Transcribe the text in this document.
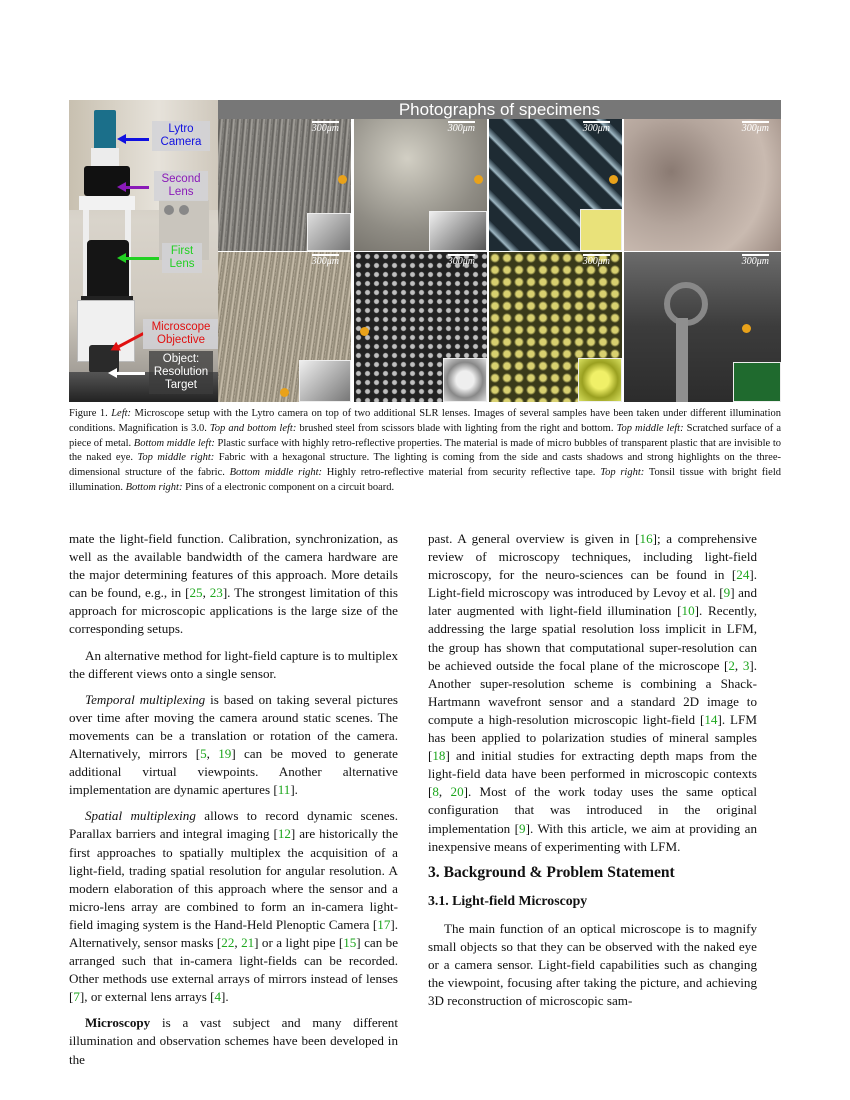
Lytro Camera
Second Lens
First Lens
Microscope Objective
Object: Resolution Target
Photographs of specimens
300μm	300μm	300μm	300μm
300μm	300μm	300μm	300μm
Figure 1. Left: Microscope setup with the Lytro camera on top of two additional SLR lenses. Images of several samples have been taken under different illumination conditions. Magnification is 3.0. Top and bottom left: brushed steel from scissors blade with lighting from the right and bottom. Top middle left: Scratched surface of a piece of metal. Bottom middle left: Plastic surface with highly retro-reflective properties. The material is made of micro bubbles of transparent plastic that are invisible to the naked eye. Top middle right: Fabric with a hexagonal structure. The lighting is coming from the side and casts shadows and strong highlights on the three-dimensional structure of the fabric. Bottom middle right: Highly retro-reflective material from security reflective tape. Top right: Tonsil tissue with bright field illumination. Bottom right: Pins of a electronic component on a circuit board.

mate the light-field function. Calibration, synchronization, as well as the available bandwidth of the camera hardware are the major determining features of this approach. More details can be found, e.g., in [25, 23]. The strongest limitation of this approach for microscopic applications is the large size of the corresponding setups.

An alternative method for light-field capture is to multiplex the different views onto a single sensor.

Temporal multiplexing is based on taking several pictures over time after moving the camera around static scenes. The movements can be a translation or rotation of the camera. Alternatively, mirrors [5, 19] can be moved to generate additional virtual viewpoints. Another alternative implementation are dynamic apertures [11].

Spatial multiplexing allows to record dynamic scenes. Parallax barriers and integral imaging [12] are historically the first approaches to spatially multiplex the acquisition of a light-field, trading spatial resolution for angular resolution. A modern elaboration of this approach where the sensor and a micro-lens array are combined to form an in-camera light-field imaging system is the Hand-Held Plenoptic Camera [17]. Alternatively, sensor masks [22, 21] or a light pipe [15] can be arranged such that in-camera light-fields can be recorded. Other methods use external arrays of mirrors instead of lenses [7], or external lens arrays [4].

Microscopy is a vast subject and many different illumination and observation schemes have been developed in the

past. A general overview is given in [16]; a comprehensive review of microscopy techniques, including light-field microscopy, for the neuro-sciences can be found in [24]. Light-field microscopy was introduced by Levoy et al. [9] and later augmented with light-field illumination [10]. Recently, addressing the large spatial resolution loss implicit in LFM, the group has shown that computational super-resolution can be achieved outside the focal plane of the microscope [2, 3]. Another super-resolution scheme is combining a Shack-Hartmann wavefront sensor and a standard 2D image to compute a high-resolution microscopic light-field [14]. LFM has been applied to polarization studies of mineral samples [18] and initial studies for extracting depth maps from the light-field data have been performed in microscopic contexts [8, 20]. Most of the work today uses the same optical configuration that was introduced in the original implementation [9]. With this article, we aim at providing an inexpensive means of experimenting with LFM.

3. Background & Problem Statement
3.1. Light-field Microscopy

The main function of an optical microscope is to magnify small objects so that they can be observed with the naked eye or a camera sensor. Light-field capabilities such as changing the viewpoint, focusing after taking the picture, and achieving 3D reconstruction of microscopic sam-
